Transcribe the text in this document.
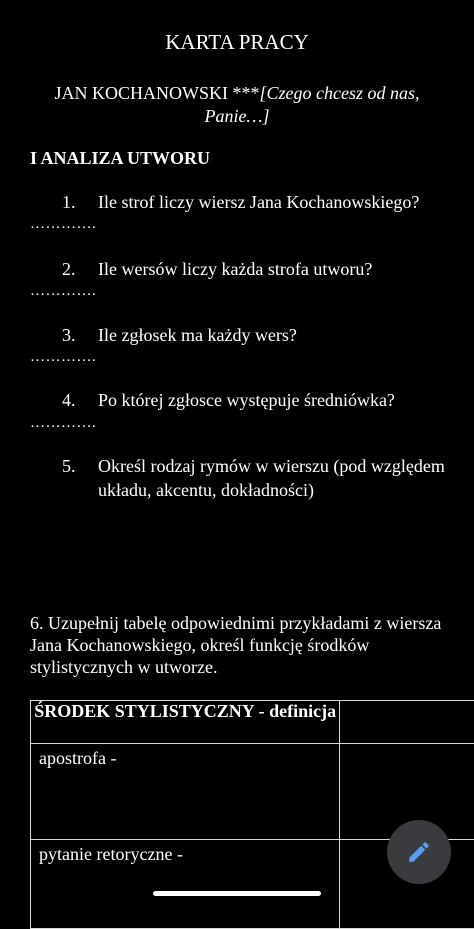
KARTA PRACY
JAN KOCHANOWSKI ***[Czego chcesz od nas, Panie…]
I ANALIZA UTWORU
1. Ile strof liczy wiersz Jana Kochanowskiego?
………….
2. Ile wersów liczy każda strofa utworu?
………….
3. Ile zgłosek ma każdy wers?
………….
4. Po której zgłosce występuje średniówka?
………….
5. Określ rodzaj rymów w wierszu (pod względem układu, akcentu, dokładności)
6. Uzupełnij tabelę odpowiednimi przykładami z wiersza Jana Kochanowskiego, określ funkcję środków stylistycznych w utworze.
ŚRODEK STYLISTYCZNY - definicja	
apostrofa -	
pytanie retoryczne -	
